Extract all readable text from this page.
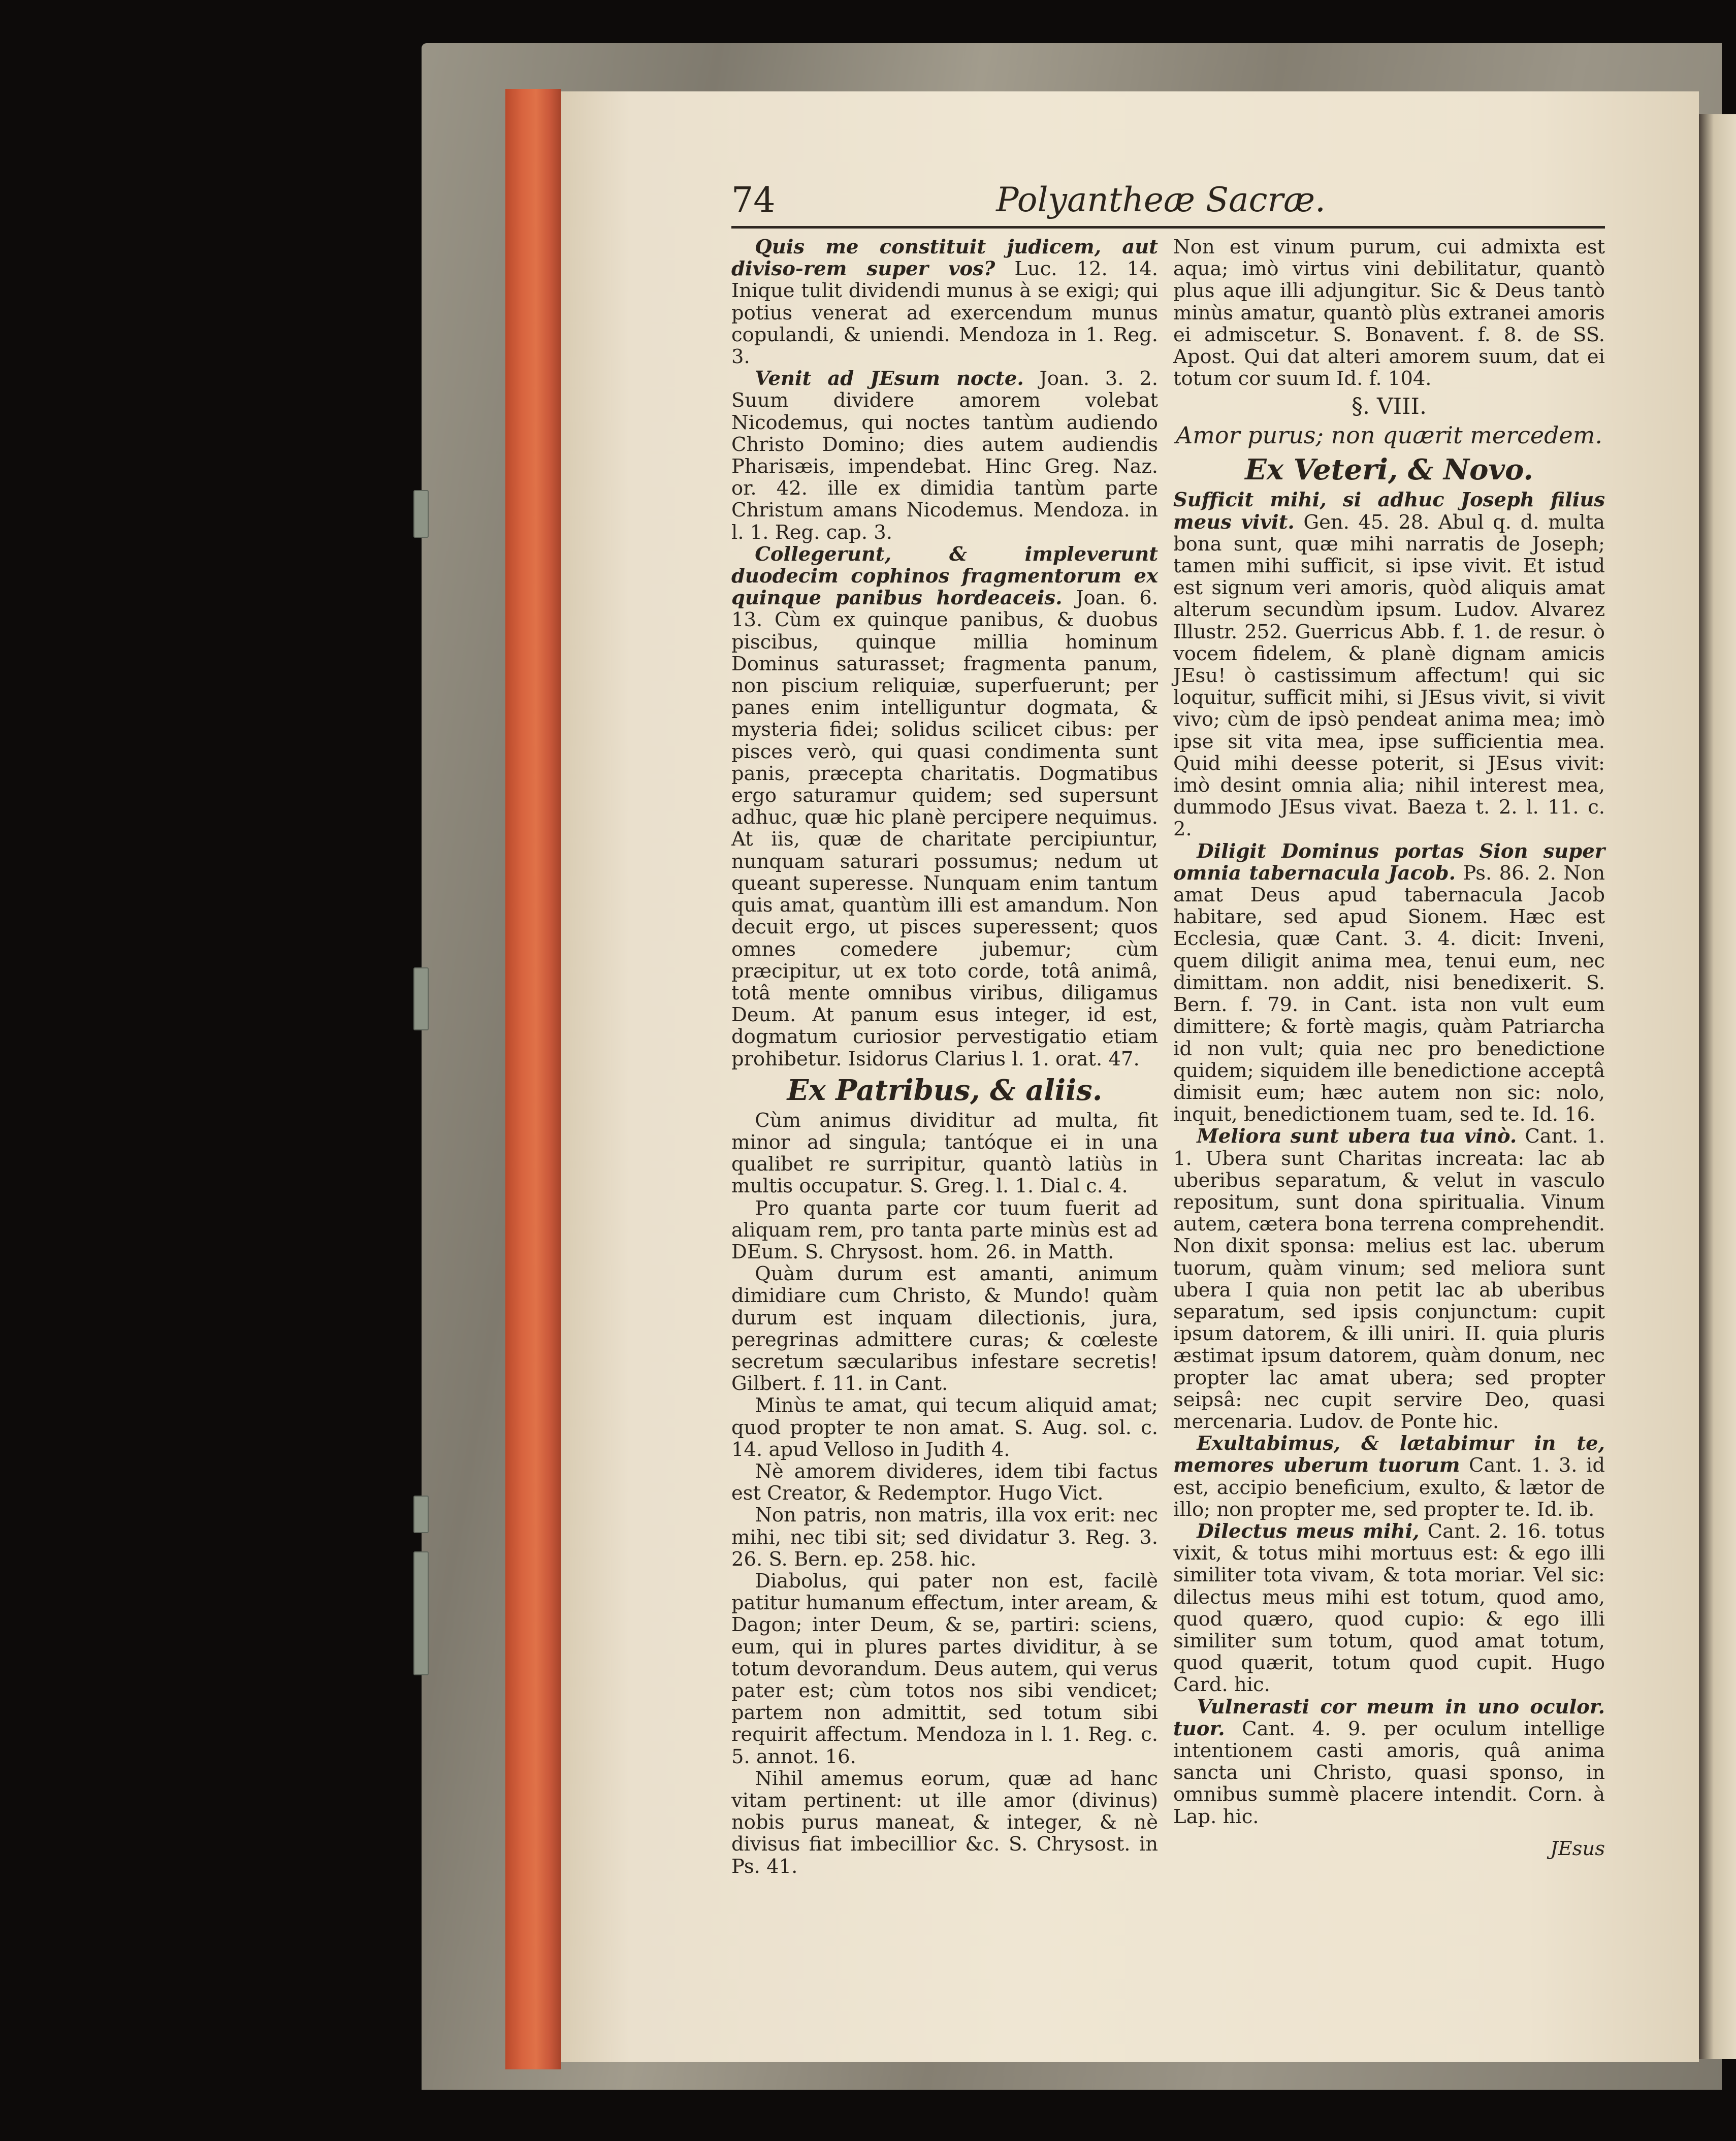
74	Polyantheæ Sacræ.

Quis me constituit judicem, aut diviso-rem super vos? Luc. 12. 14. Inique tulit dividendi munus à se exigi; qui potius venerat ad exercendum munus copulandi, & uniendi. Mendoza in 1. Reg. 3.

Venit ad JEsum nocte. Joan. 3. 2. Suum dividere amorem volebat Nicodemus, qui noctes tantùm audiendo Christo Domino; dies autem audiendis Pharisæis, impendebat. Hinc Greg. Naz. or. 42. ille ex dimidia tantùm parte Christum amans Nicodemus. Mendoza. in l. 1. Reg. cap. 3.

Collegerunt, & impleverunt duodecim cophinos fragmentorum ex quinque panibus hordeaceis. Joan. 6. 13. Cùm ex quinque panibus, & duobus piscibus, quinque millia hominum Dominus saturasset; fragmenta panum, non piscium reliquiæ, superfuerunt; per panes enim intelliguntur dogmata, & mysteria fidei; solidus scilicet cibus: per pisces verò, qui quasi condimenta sunt panis, præcepta charitatis. Dogmatibus ergo saturamur quidem; sed supersunt adhuc, quæ hic planè percipere nequimus. At iis, quæ de charitate percipiuntur, nunquam saturari possumus; nedum ut queant superesse. Nunquam enim tantum quis amat, quantùm illi est amandum. Non decuit ergo, ut pisces superessent; quos omnes comedere jubemur; cùm præcipitur, ut ex toto corde, totâ animâ, totâ mente omnibus viribus, diligamus Deum. At panum esus integer, id est, dogmatum curiosior pervestigatio etiam prohibetur. Isidorus Clarius l. 1. orat. 47.

Ex Patribus, & aliis.

Cùm animus dividitur ad multa, fit minor ad singula; tantóque ei in una qualibet re surripitur, quantò latiùs in multis occupatur. S. Greg. l. 1. Dial c. 4.

Pro quanta parte cor tuum fuerit ad aliquam rem, pro tanta parte minùs est ad DEum. S. Chrysost. hom. 26. in Matth.

Quàm durum est amanti, animum dimidiare cum Christo, & Mundo! quàm durum est inquam dilectionis, jura, peregrinas admittere curas; & cœleste secretum sæcularibus infestare secretis! Gilbert. f. 11. in Cant.

Minùs te amat, qui tecum aliquid amat; quod propter te non amat. S. Aug. sol. c. 14. apud Velloso in Judith 4.

Nè amorem divideres, idem tibi factus est Creator, & Redemptor. Hugo Vict.

Non patris, non matris, illa vox erit: nec mihi, nec tibi sit; sed dividatur 3. Reg. 3. 26. S. Bern. ep. 258. hic.

Diabolus, qui pater non est, facilè patitur humanum effectum, inter aream, & Dagon; inter Deum, & se, partiri: sciens, eum, qui in plures partes dividitur, à se totum devorandum. Deus autem, qui verus pater est; cùm totos nos sibi vendicet; partem non admittit, sed totum sibi requirit affectum. Mendoza in l. 1. Reg. c. 5. annot. 16.

Nihil amemus eorum, quæ ad hanc vitam pertinent: ut ille amor (divinus) nobis purus maneat, & integer, & nè divisus fiat imbecillior &c. S. Chrysost. in Ps. 41.

Non est vinum purum, cui admixta est aqua; imò virtus vini debilitatur, quantò plus aque illi adjungitur. Sic & Deus tantò minùs amatur, quantò plùs extranei amoris ei admiscetur. S. Bonavent. f. 8. de SS. Apost. Qui dat alteri amorem suum, dat ei totum cor suum Id. f. 104.

§. VIII.
Amor purus; non quærit mercedem.
Ex Veteri, & Novo.

Sufficit mihi, si adhuc Joseph filius meus vivit. Gen. 45. 28. Abul q. d. multa bona sunt, quæ mihi narratis de Joseph; tamen mihi sufficit, si ipse vivit. Et istud est signum veri amoris, quòd aliquis amat alterum secundùm ipsum. Ludov. Alvarez Illustr. 252. Guerricus Abb. f. 1. de resur. ò vocem fidelem, & planè dignam amicis JEsu! ò castissimum affectum! qui sic loquitur, sufficit mihi, si JEsus vivit, si vivit vivo; cùm de ipsò pendeat anima mea; imò ipse sit vita mea, ipse sufficientia mea. Quid mihi deesse poterit, si JEsus vivit: imò desint omnia alia; nihil interest mea, dummodo JEsus vivat. Baeza t. 2. l. 11. c. 2.

Diligit Dominus portas Sion super omnia tabernacula Jacob. Ps. 86. 2. Non amat Deus apud tabernacula Jacob habitare, sed apud Sionem. Hæc est Ecclesia, quæ Cant. 3. 4. dicit: Inveni, quem diligit anima mea, tenui eum, nec dimittam. non addit, nisi benedixerit. S. Bern. f. 79. in Cant. ista non vult eum dimittere; & fortè magis, quàm Patriarcha id non vult; quia nec pro benedictione quidem; siquidem ille benedictione acceptâ dimisit eum; hæc autem non sic: nolo, inquit, benedictionem tuam, sed te. Id. 16.

Meliora sunt ubera tua vinò. Cant. 1. 1. Ubera sunt Charitas increata: lac ab uberibus separatum, & velut in vasculo repositum, sunt dona spiritualia. Vinum autem, cætera bona terrena comprehendit. Non dixit sponsa: melius est lac. uberum tuorum, quàm vinum; sed meliora sunt ubera I quia non petit lac ab uberibus separatum, sed ipsis conjunctum: cupit ipsum datorem, & illi uniri. II. quia pluris æstimat ipsum datorem, quàm donum, nec propter lac amat ubera; sed propter seipsâ: nec cupit servire Deo, quasi mercenaria. Ludov. de Ponte hic.

Exultabimus, & lætabimur in te, memores uberum tuorum Cant. 1. 3. id est, accipio beneficium, exulto, & lætor de illo; non propter me, sed propter te. Id. ib.

Dilectus meus mihi, Cant. 2. 16. totus vixit, & totus mihi mortuus est: & ego illi similiter tota vivam, & tota moriar. Vel sic: dilectus meus mihi est totum, quod amo, quod quæro, quod cupio: & ego illi similiter sum totum, quod amat totum, quod quærit, totum quod cupit. Hugo Card. hic.

Vulnerasti cor meum in uno oculor. tuor. Cant. 4. 9. per oculum intellige intentionem casti amoris, quâ anima sancta uni Christo, quasi sponso, in omnibus summè placere intendit. Corn. à Lap. hic.

JEsus
